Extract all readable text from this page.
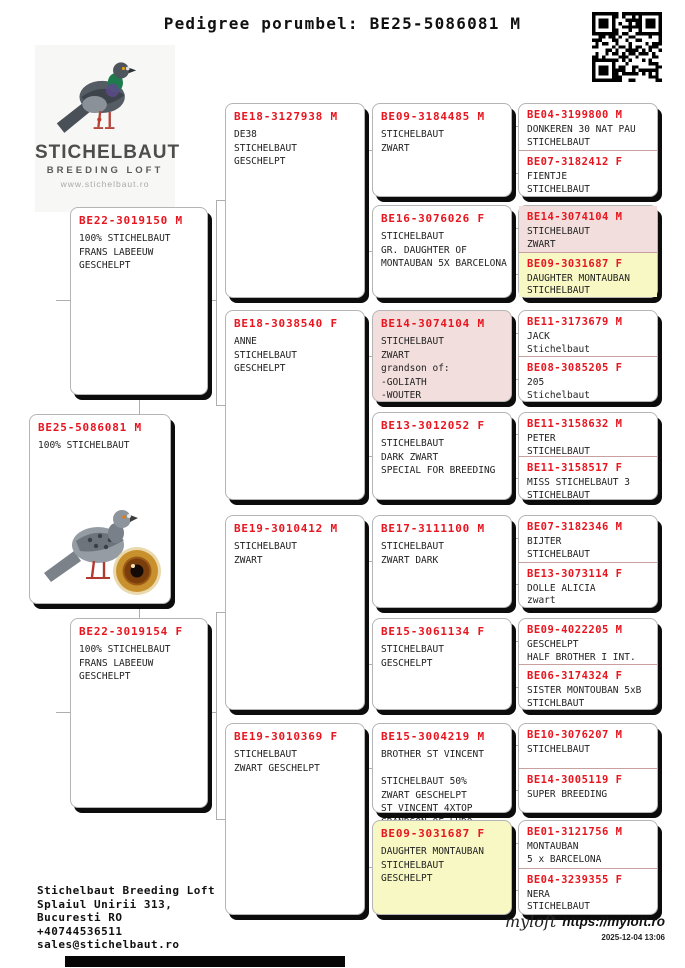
Pedigree porumbel: BE25-5086081 M
STICHELBAUT
BREEDING LOFT
www.stichelbaut.ro
BE25-5086081 M
100% STICHELBAUT
BE22-3019150 M
100% STICHELBAUT
FRANS LABEEUW
GESCHELPT
BE22-3019154 F
100% STICHELBAUT
FRANS LABEEUW
GESCHELPT
BE18-3127938 M
DE38
STICHELBAUT
GESCHELPT
BE18-3038540 F
ANNE
STICHELBAUT
GESCHELPT
BE19-3010412 M
STICHELBAUT
ZWART
BE19-3010369 F
STICHELBAUT
ZWART GESCHELPT
BE09-3184485 M
STICHELBAUT
ZWART
BE16-3076026 F
STICHELBAUT
GR. DAUGHTER OF
MONTAUBAN 5X BARCELONA
BE14-3074104 M
STICHELBAUT
ZWART
grandson of:
-GOLIATH
-WOUTER
BE13-3012052 F
STICHELBAUT
DARK ZWART
SPECIAL FOR BREEDING
BE17-3111100 M
STICHELBAUT
ZWART DARK
BE15-3061134 F
STICHELBAUT
GESCHELPT
BE15-3004219 M
BROTHER ST VINCENT
STICHELBAUT 50%
ZWART GESCHELPT
ST VINCENT 4XTOP
BE09-3031687 F
DAUGHTER MONTAUBAN
STICHELBAUT
GESCHELPT
BE04-3199800 M
DONKEREN 30 NAT PAU
STICHELBAUT
BE07-3182412 F
FIENTJE
STICHELBAUT
BE14-3074104 M
STICHELBAUT
ZWART
BE09-3031687 F
DAUGHTER MONTAUBAN
STICHELBAUT
BE11-3173679 M
JACK
Stichelbaut
BE08-3085205 F
205
Stichelbaut
BE11-3158632 M
PETER
STICHELBAUT
BE11-3158517 F
MISS STICHELBAUT 3
STICHELBAUT
BE07-3182346 M
BIJTER
STICHELBAUT
BE13-3073114 F
DOLLE ALICIA
zwart
BE09-4022205 M
GESCHELPT
HALF BROTHER I INT.
BE06-3174324 F
SISTER MONTOUBAN 5xB
STICHLBAUT
BE10-3076207 M
STICHELBAUT
BE14-3005119 F
SUPER BREEDING
BE01-3121756 M
MONTAUBAN
5 x BARCELONA
BE04-3239355 F
NERA
STICHELBAUT
Stichelbaut Breeding Loft
Splaiul Unirii 313,
Bucuresti RO
+40744536511
sales@stichelbaut.ro
myloft https://myloft.ro
2025-12-04 13:06
